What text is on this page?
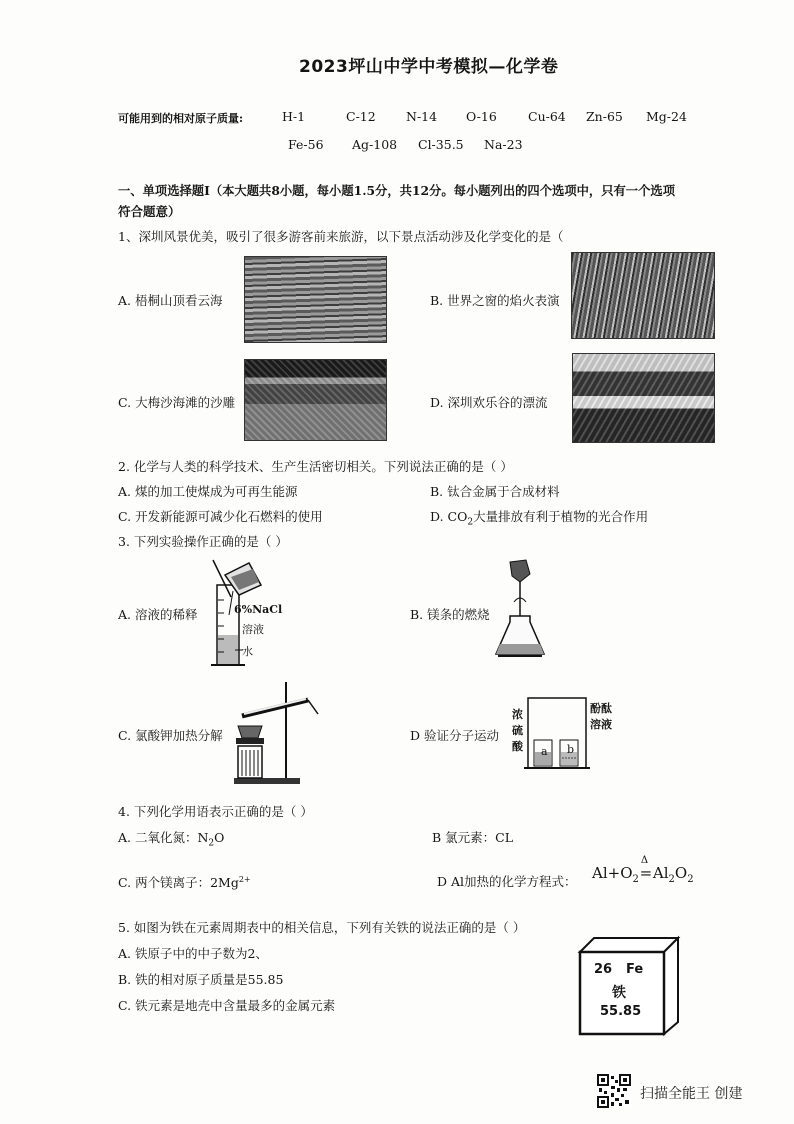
2023坪山中学中考模拟—化学卷
可能用到的相对原子质量:	H-1	C-12 N-14 O-16 Cu-64 Zn-65 Mg-24
Fe-56 Ag-108 Cl-35.5 Na-23
一、单项选择题I（本大题共8小题，每小题1.5分，共12分。每小题列出的四个选项中，只有一个选项
符合题意）
1、深圳风景优美，吸引了很多游客前来旅游，以下景点活动涉及化学变化的是（
A. 梧桐山顶看云海	B. 世界之窗的焰火表演
C. 大梅沙海滩的沙雕	D. 深圳欢乐谷的漂流
2. 化学与人类的科学技术、生产生活密切相关。下列说法正确的是（ ）
A. 煤的加工使煤成为可再生能源	B. 钛合金属于合成材料
C. 开发新能源可减少化石燃料的使用	D. $CO_2$大量排放有利于植物的光合作用
3. 下列实验操作正确的是（ ）
A. 溶液的稀释	6%NaCl
溶液
水
B. 镁条的燃烧
C. 氯酸钾加热分解	D 验证分子运动
a b
浓
硫
酸
酚酞
溶液
4. 下列化学用语表示正确的是（ ）
A. 二氧化氮：$N_2O$	B 氯元素：CL
C. 两个镁离子：$2Mg^{2+}$	D Al加热的化学方程式： $Al+O_2$
Δ
$=Al_2O_2$
5. 如图为铁在元素周期表中的相关信息，下列有关铁的说法正确的是（ ）
A. 铁原子中的中子数为2、
B. 铁的相对原子质量是55.85
C. 铁元素是地壳中含量最多的金属元素
26 Fe
铁
55.85
扫描全能王 创建
